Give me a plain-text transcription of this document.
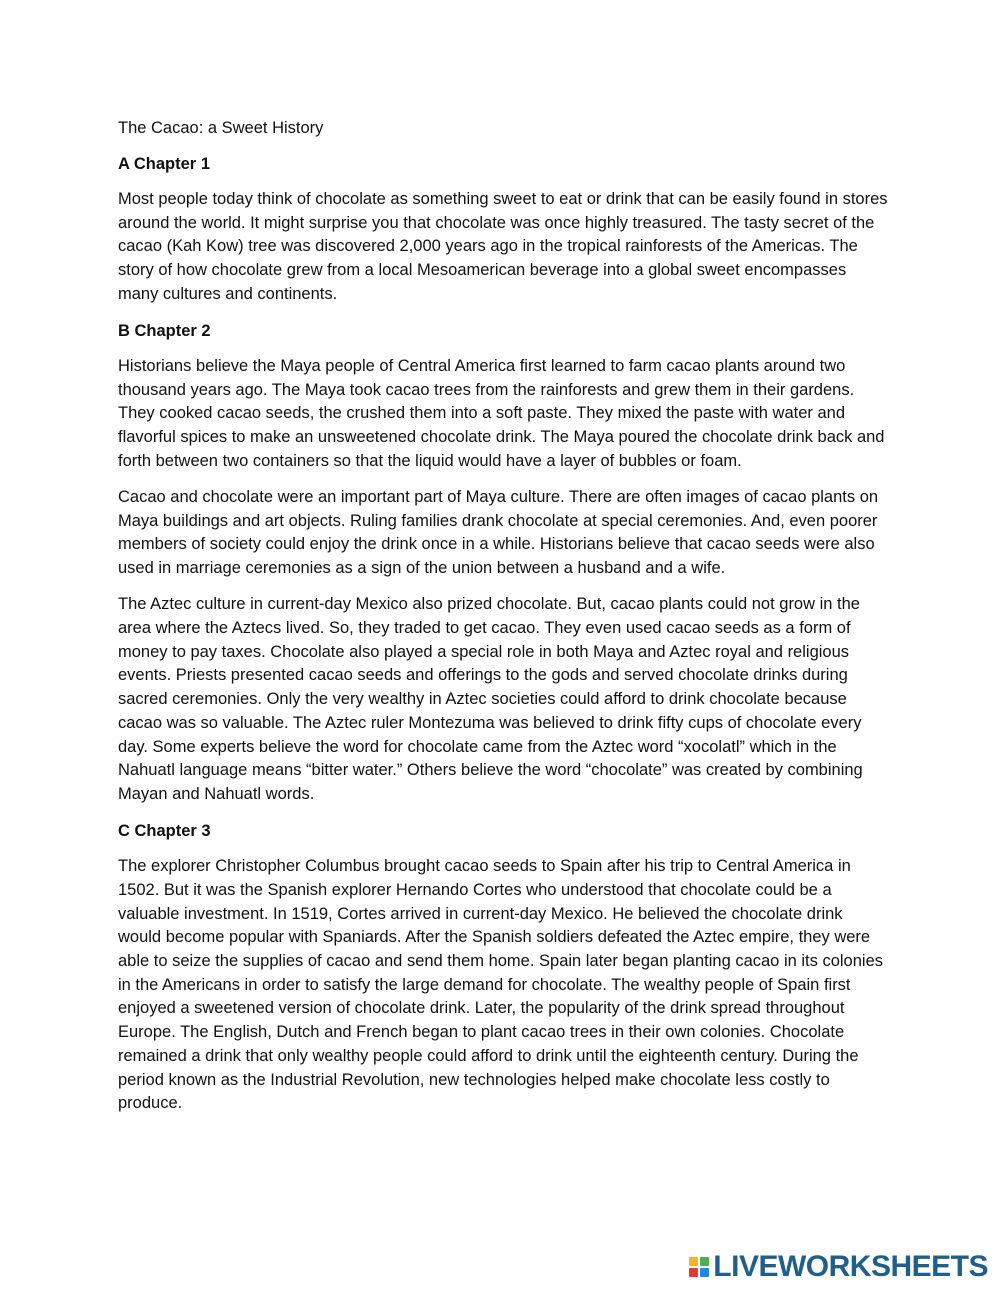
The Cacao: a Sweet History
A Chapter 1

Most people today think of chocolate as something sweet to eat or drink that can be easily found in stores around the world. It might surprise you that chocolate was once highly treasured. The tasty secret of the cacao (Kah Kow) tree was discovered 2,000 years ago in the tropical rainforests of the Americas. The story of how chocolate grew from a local Mesoamerican beverage into a global sweet encompasses many cultures and continents.

B Chapter 2

Historians believe the Maya people of Central America first learned to farm cacao plants around two thousand years ago. The Maya took cacao trees from the rainforests and grew them in their gardens. They cooked cacao seeds, the crushed them into a soft paste. They mixed the paste with water and flavorful spices to make an unsweetened chocolate drink. The Maya poured the chocolate drink back and forth between two containers so that the liquid would have a layer of bubbles or foam.

Cacao and chocolate were an important part of Maya culture. There are often images of cacao plants on Maya buildings and art objects. Ruling families drank chocolate at special ceremonies. And, even poorer members of society could enjoy the drink once in a while. Historians believe that cacao seeds were also used in marriage ceremonies as a sign of the union between a husband and a wife.

The Aztec culture in current-day Mexico also prized chocolate. But, cacao plants could not grow in the area where the Aztecs lived. So, they traded to get cacao. They even used cacao seeds as a form of money to pay taxes. Chocolate also played a special role in both Maya and Aztec royal and religious events. Priests presented cacao seeds and offerings to the gods and served chocolate drinks during sacred ceremonies. Only the very wealthy in Aztec societies could afford to drink chocolate because cacao was so valuable. The Aztec ruler Montezuma was believed to drink fifty cups of chocolate every day. Some experts believe the word for chocolate came from the Aztec word “xocolatl” which in the Nahuatl language means “bitter water.” Others believe the word “chocolate” was created by combining Mayan and Nahuatl words.

C Chapter 3

The explorer Christopher Columbus brought cacao seeds to Spain after his trip to Central America in 1502. But it was the Spanish explorer Hernando Cortes who understood that chocolate could be a valuable investment. In 1519, Cortes arrived in current-day Mexico. He believed the chocolate drink would become popular with Spaniards. After the Spanish soldiers defeated the Aztec empire, they were able to seize the supplies of cacao and send them home. Spain later began planting cacao in its colonies in the Americans in order to satisfy the large demand for chocolate. The wealthy people of Spain first enjoyed a sweetened version of chocolate drink. Later, the popularity of the drink spread throughout Europe. The English, Dutch and French began to plant cacao trees in their own colonies. Chocolate remained a drink that only wealthy people could afford to drink until the eighteenth century. During the period known as the Industrial Revolution, new technologies helped make chocolate less costly to produce.

LIVEWORKSHEETS
